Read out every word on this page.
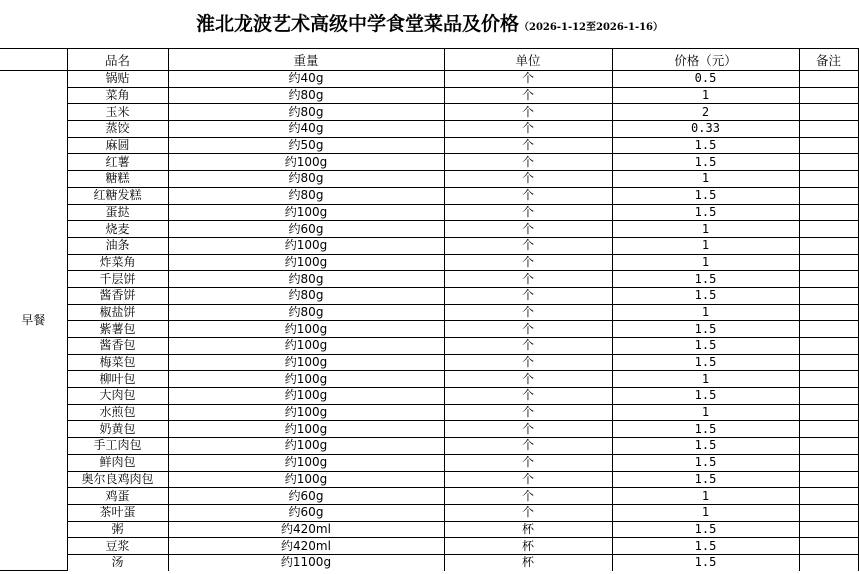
淮北龙波艺术高级中学食堂菜品及价格（2026-1-12至2026-1-16）
	品名	重量	单位	价格（元）	备注
早餐	锅贴	约40g	个	0.5	
	菜角	约80g	个	1	
	玉米	约80g	个	2	
	蒸饺	约40g	个	0.33	
	麻圆	约50g	个	1.5	
	红薯	约100g	个	1.5	
	糖糕	约80g	个	1	
	红糖发糕	约80g	个	1.5	
	蛋挞	约100g	个	1.5	
	烧麦	约60g	个	1	
	油条	约100g	个	1	
	炸菜角	约100g	个	1	
	千层饼	约80g	个	1.5	
	酱香饼	约80g	个	1.5	
	椒盐饼	约80g	个	1	
	紫薯包	约100g	个	1.5	
	酱香包	约100g	个	1.5	
	梅菜包	约100g	个	1.5	
	柳叶包	约100g	个	1	
	大肉包	约100g	个	1.5	
	水煎包	约100g	个	1	
	奶黄包	约100g	个	1.5	
	手工肉包	约100g	个	1.5	
	鲜肉包	约100g	个	1.5	
	奥尔良鸡肉包	约100g	个	1.5	
	鸡蛋	约60g	个	1	
	茶叶蛋	约60g	个	1	
	粥	约420ml	杯	1.5	
	豆浆	约420ml	杯	1.5	
	汤	约1100g	杯	1.5	
